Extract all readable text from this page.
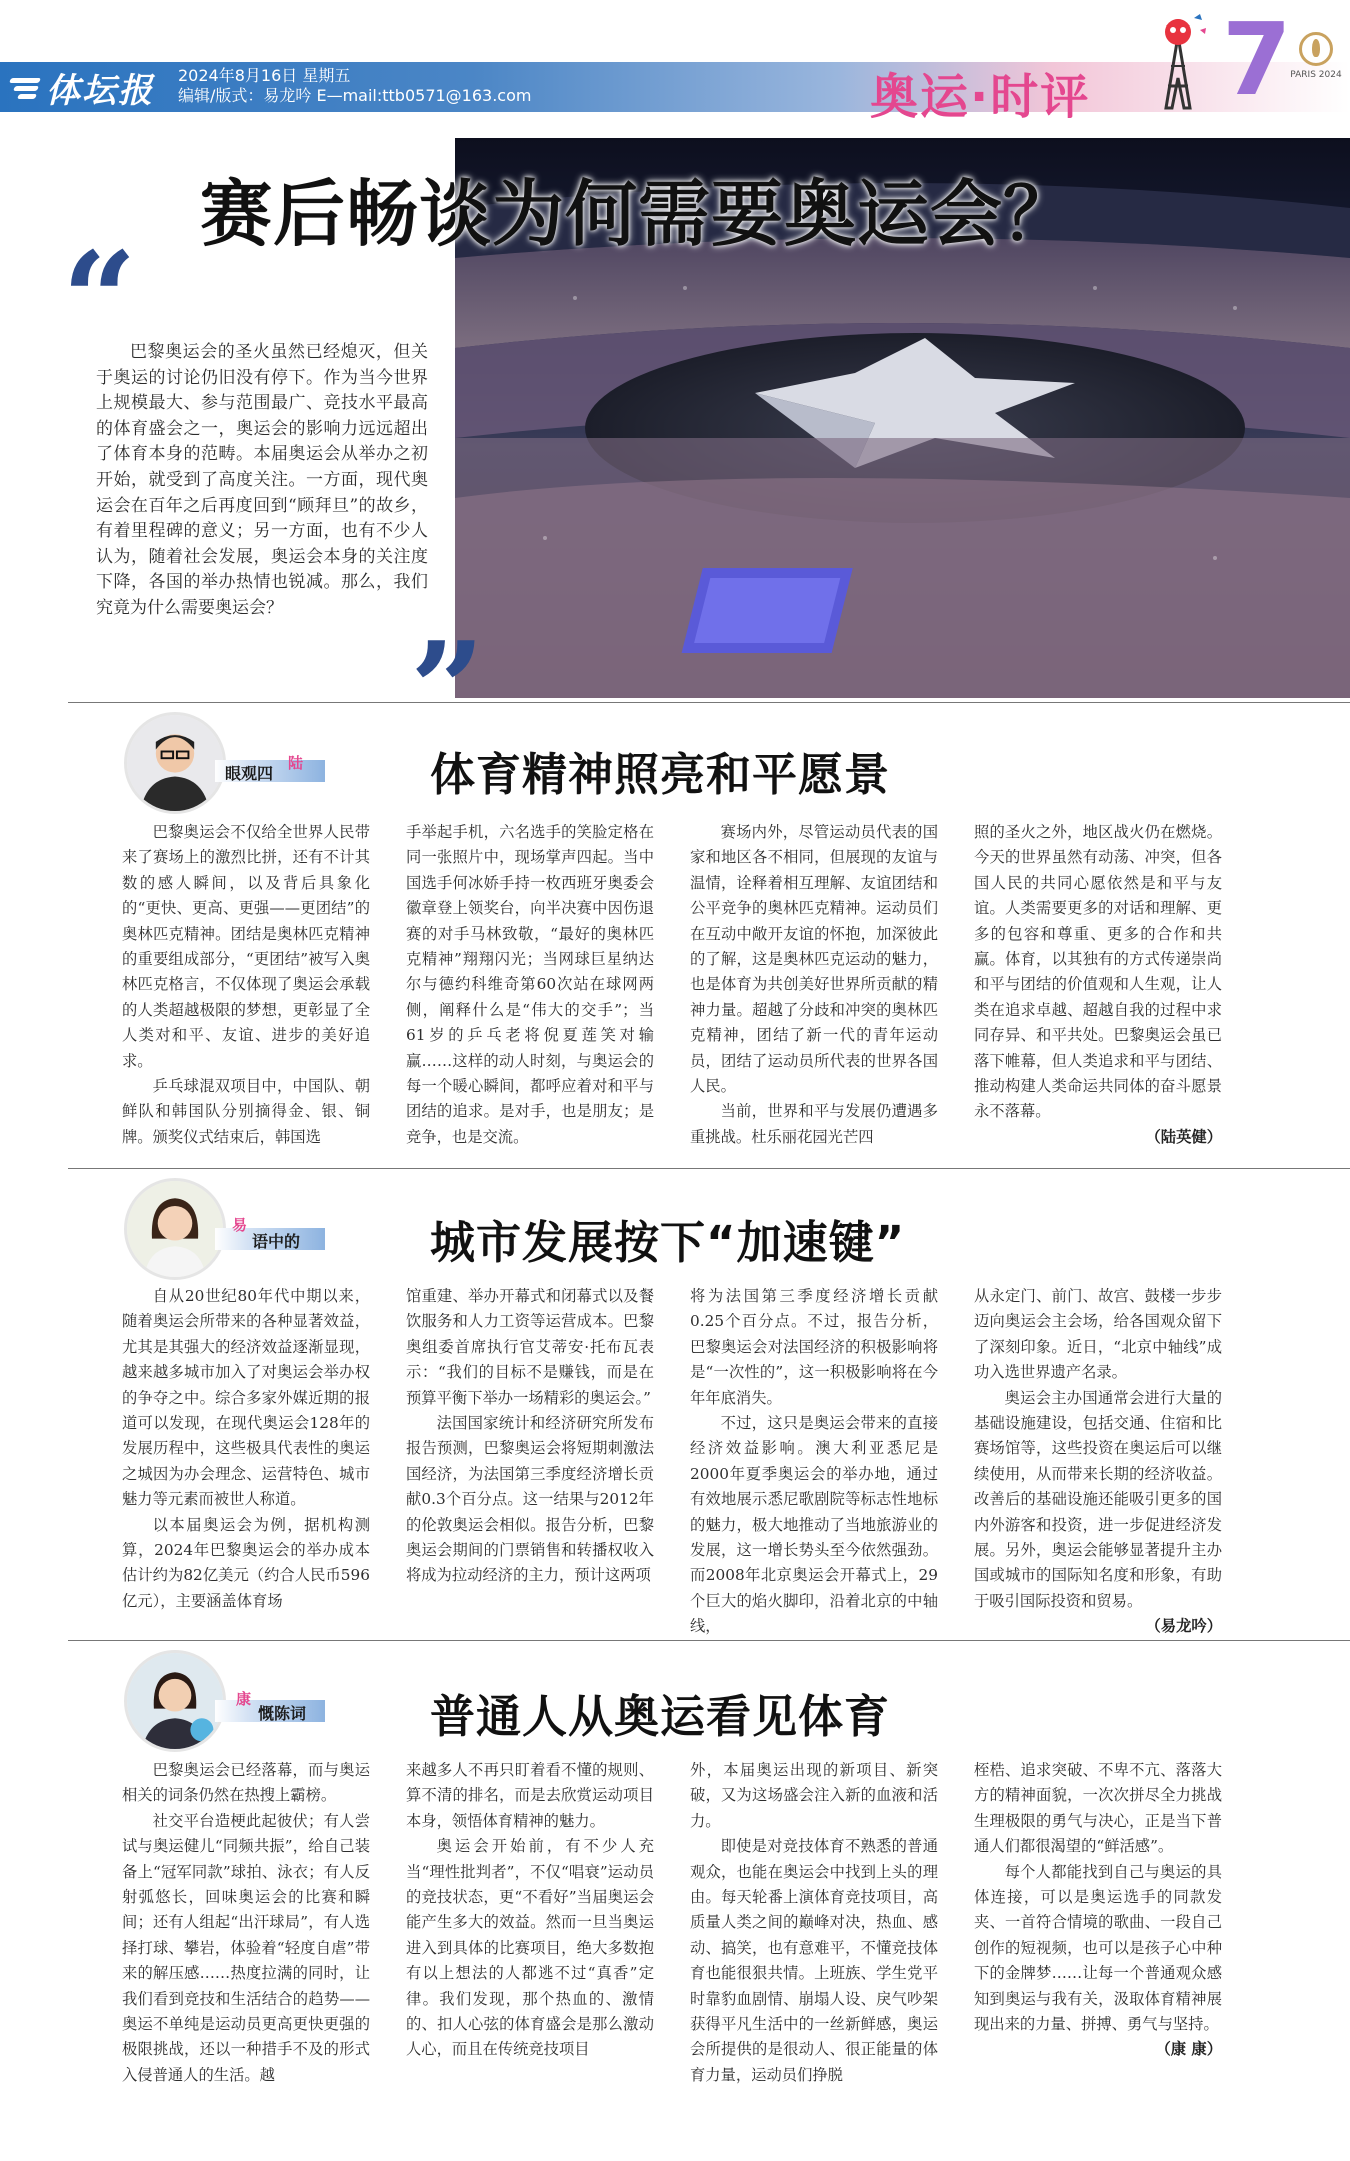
体坛报 2024年8月16日 星期五
编辑/版式：易龙吟 E—mail:ttb0571@163.com	奥运·时评 7
PARIS 2024
赛后畅谈为何需要奥运会？
“
巴黎奥运会的圣火虽然已经熄灭，但关于奥运的讨论仍旧没有停下。作为当今世界上规模最大、参与范围最广、竞技水平最高的体育盛会之一，奥运会的影响力远远超出了体育本身的范畴。本届奥运会从举办之初开始，就受到了高度关注。一方面，现代奥运会在百年之后再度回到“顾拜旦”的故乡，有着里程碑的意义；另一方面，也有不少人认为，随着社会发展，奥运会本身的关注度下降，各国的举办热情也锐减。那么，我们究竟为什么需要奥运会？
”
眼观四
陆	体育精神照亮和平愿景

巴黎奥运会不仅给全世界人民带来了赛场上的激烈比拼，还有不计其数的感人瞬间，以及背后具象化的“更快、更高、更强——更团结”的奥林匹克精神。团结是奥林匹克精神的重要组成部分，“更团结”被写入奥林匹克格言，不仅体现了奥运会承载的人类超越极限的梦想，更彰显了全人类对和平、友谊、进步的美好追求。

乒乓球混双项目中，中国队、朝鲜队和韩国队分别摘得金、银、铜牌。颁奖仪式结束后，韩国选

手举起手机，六名选手的笑脸定格在同一张照片中，现场掌声四起。当中国选手何冰娇手持一枚西班牙奥委会徽章登上领奖台，向半决赛中因伤退赛的对手马林致敬，“最好的奥林匹克精神”翔翔闪光；当网球巨星纳达尔与德约科维奇第60次站在球网两侧，阐释什么是“伟大的交手”；当61岁的乒乓老将倪夏莲笑对输赢……这样的动人时刻，与奥运会的每一个暖心瞬间，都呼应着对和平与团结的追求。是对手，也是朋友；是竞争，也是交流。

赛场内外，尽管运动员代表的国家和地区各不相同，但展现的友谊与温情，诠释着相互理解、友谊团结和公平竞争的奥林匹克精神。运动员们在互动中敞开友谊的怀抱，加深彼此的了解，这是奥林匹克运动的魅力，也是体育为共创美好世界所贡献的精神力量。超越了分歧和冲突的奥林匹克精神，团结了新一代的青年运动员，团结了运动员所代表的世界各国人民。

当前，世界和平与发展仍遭遇多重挑战。杜乐丽花园光芒四

照的圣火之外，地区战火仍在燃烧。今天的世界虽然有动荡、冲突，但各国人民的共同心愿依然是和平与友谊。人类需要更多的对话和理解、更多的包容和尊重、更多的合作和共赢。体育，以其独有的方式传递崇尚和平与团结的价值观和人生观，让人类在追求卓越、超越自我的过程中求同存异、和平共处。巴黎奥运会虽已落下帷幕，但人类追求和平与团结、推动构建人类命运共同体的奋斗愿景永不落幕。

（陆英健）
语中的
易	城市发展按下“加速键”

自从20世纪80年代中期以来，随着奥运会所带来的各种显著效益，尤其是其强大的经济效益逐渐显现，越来越多城市加入了对奥运会举办权的争夺之中。综合多家外媒近期的报道可以发现，在现代奥运会128年的发展历程中，这些极具代表性的奥运之城因为办会理念、运营特色、城市魅力等元素而被世人称道。

以本届奥运会为例，据机构测算，2024年巴黎奥运会的举办成本估计约为82亿美元（约合人民币596亿元），主要涵盖体育场

馆重建、举办开幕式和闭幕式以及餐饮服务和人力工资等运营成本。巴黎奥组委首席执行官艾蒂安·托布瓦表示：“我们的目标不是赚钱，而是在预算平衡下举办一场精彩的奥运会。”

法国国家统计和经济研究所发布报告预测，巴黎奥运会将短期刺激法国经济，为法国第三季度经济增长贡献0.3个百分点。这一结果与2012年的伦敦奥运会相似。报告分析，巴黎奥运会期间的门票销售和转播权收入将成为拉动经济的主力，预计这两项

将为法国第三季度经济增长贡献0.25个百分点。不过，报告分析，巴黎奥运会对法国经济的积极影响将是“一次性的”，这一积极影响将在今年年底消失。

不过，这只是奥运会带来的直接经济效益影响。澳大利亚悉尼是2000年夏季奥运会的举办地，通过有效地展示悉尼歌剧院等标志性地标的魅力，极大地推动了当地旅游业的发展，这一增长势头至今依然强劲。而2008年北京奥运会开幕式上，29个巨大的焰火脚印，沿着北京的中轴线，

从永定门、前门、故宫、鼓楼一步步迈向奥运会主会场，给各国观众留下了深刻印象。近日，“北京中轴线”成功入选世界遗产名录。

奥运会主办国通常会进行大量的基础设施建设，包括交通、住宿和比赛场馆等，这些投资在奥运后可以继续使用，从而带来长期的经济收益。改善后的基础设施还能吸引更多的国内外游客和投资，进一步促进经济发展。另外，奥运会能够显著提升主办国或城市的国际知名度和形象，有助于吸引国际投资和贸易。

（易龙吟）
慨陈词
康	普通人从奥运看见体育

巴黎奥运会已经落幕，而与奥运相关的词条仍然在热搜上霸榜。

社交平台造梗此起彼伏；有人尝试与奥运健儿“同频共振”，给自己装备上“冠军同款”球拍、泳衣；有人反射弧悠长，回味奥运会的比赛和瞬间；还有人组起“出汗球局”，有人选择打球、攀岩，体验着“轻度自虐”带来的解压感……热度拉满的同时，让我们看到竞技和生活结合的趋势——奥运不单纯是运动员更高更快更强的极限挑战，还以一种措手不及的形式入侵普通人的生活。越

来越多人不再只盯着看不懂的规则、算不清的排名，而是去欣赏运动项目本身，领悟体育精神的魅力。

奥运会开始前，有不少人充当“理性批判者”，不仅“唱衰”运动员的竞技状态，更“不看好”当届奥运会能产生多大的效益。然而一旦当奥运进入到具体的比赛项目，绝大多数抱有以上想法的人都逃不过“真香”定律。我们发现，那个热血的、激情的、扣人心弦的体育盛会是那么激动人心，而且在传统竞技项目

外，本届奥运出现的新项目、新突破，又为这场盛会注入新的血液和活力。

即使是对竞技体育不熟悉的普通观众，也能在奥运会中找到上头的理由。每天轮番上演体育竞技项目，高质量人类之间的巅峰对决，热血、感动、搞笑，也有意难平，不懂竞技体育也能很狠共情。上班族、学生党平时靠豹血剧情、崩塌人设、戾气吵架获得平凡生活中的一丝新鲜感，奥运会所提供的是很动人、很正能量的体育力量，运动员们挣脱

桎梏、追求突破、不卑不亢、落落大方的精神面貌，一次次拼尽全力挑战生理极限的勇气与决心，正是当下普通人们都很渴望的“鲜活感”。

每个人都能找到自己与奥运的具体连接，可以是奥运选手的同款发夹、一首符合情境的歌曲、一段自己创作的短视频，也可以是孩子心中种下的金牌梦……让每一个普通观众感知到奥运与我有关，汲取体育精神展现出来的力量、拼搏、勇气与坚持。

（康 康）
